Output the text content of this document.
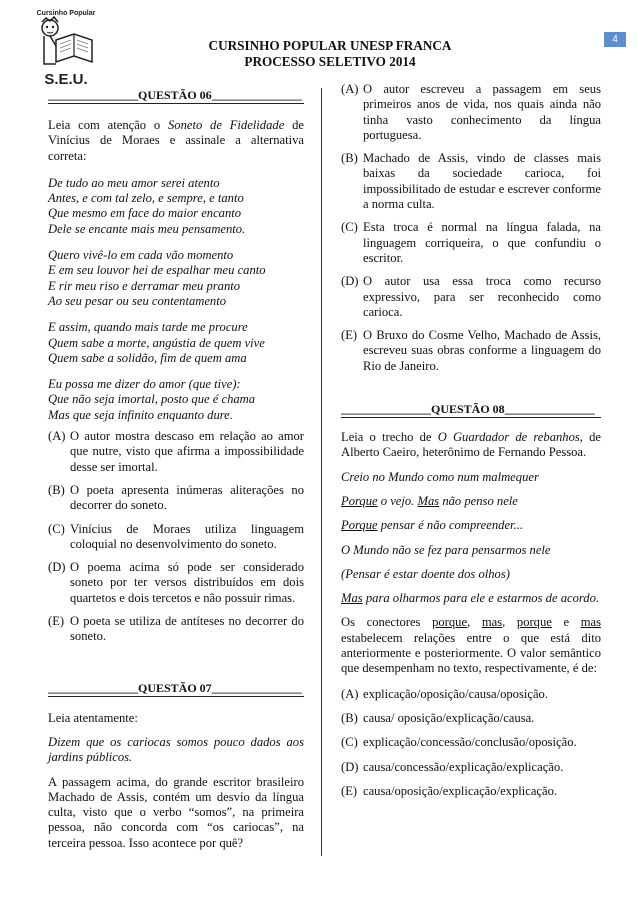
Cursinho Popular
S.E.U.
CURSINHO POPULAR UNESP FRANCA
PROCESSO SELETIVO 2014
4
_______________QUESTÃO 06_______________

Leia com atenção o Soneto de Fidelidade de Vinícius de Moraes e assinale a alternativa correta:

De tudo ao meu amor serei atento
Antes, e com tal zelo, e sempre, e tanto
Que mesmo em face do maior encanto
Dele se encante mais meu pensamento.
Quero vivê-lo em cada vão momento
E em seu louvor hei de espalhar meu canto
E rir meu riso e derramar meu pranto
Ao seu pesar ou seu contentamento
E assim, quando mais tarde me procure
Quem sabe a morte, angústia de quem vive
Quem sabe a solidão, fim de quem ama
Eu possa me dizer do amor (que tive):
Que não seja imortal, posto que é chama
Mas que seja infinito enquanto dure.
(A) O autor mostra descaso em relação ao amor que nutre, visto que afirma a impossibilidade desse ser imortal.
(B) O poeta apresenta inúmeras aliterações no decorrer do soneto.
(C) Vinícius de Moraes utiliza linguagem coloquial no desenvolvimento do soneto.
(D) O poema acima só pode ser considerado soneto por ter versos distribuídos em dois quartetos e dois tercetos e não possuir rimas.
(E) O poeta se utiliza de antíteses no decorrer do soneto.
_______________QUESTÃO 07_______________

Leia atentamente:

Dizem que os cariocas somos pouco dados aos jardins públicos.

A passagem acima, do grande escritor brasileiro Machado de Assis, contém um desvio da língua culta, visto que o verbo “somos”, na primeira pessoa, não concorda com “os cariocas”, na terceira pessoa. Isso acontece por quê?

(A) O autor escreveu a passagem em seus primeiros anos de vida, nos quais ainda não tinha vasto conhecimento da língua portuguesa.
(B) Machado de Assis, vindo de classes mais baixas da sociedade carioca, foi impossibilitado de estudar e escrever conforme a norma culta.
(C) Esta troca é normal na língua falada, na linguagem corriqueira, o que confundiu o escritor.
(D) O autor usa essa troca como recurso expressivo, para ser reconhecido como carioca.
(E) O Bruxo do Cosme Velho, Machado de Assis, escreveu suas obras conforme a linguagem do Rio de Janeiro.
_______________QUESTÃO 08_______________

Leia o trecho de O Guardador de rebanhos, de Alberto Caeiro, heterônimo de Fernando Pessoa.

Creio no Mundo como num malmequer

Porque o vejo. Mas não penso nele

Porque pensar é não compreender...

O Mundo não se fez para pensarmos nele

(Pensar é estar doente dos olhos)

Mas para olharmos para ele e estarmos de acordo.

Os conectores porque, mas, porque e mas estabelecem relações entre o que está dito anteriormente e posteriormente. O valor semântico que desempenham no texto, respectivamente, é de:

(A) explicação/oposição/causa/oposição.
(B) causa/ oposição/explicação/causa.
(C) explicação/concessão/conclusão/oposição.
(D) causa/concessão/explicação/explicação.
(E) causa/oposição/explicação/explicação.
